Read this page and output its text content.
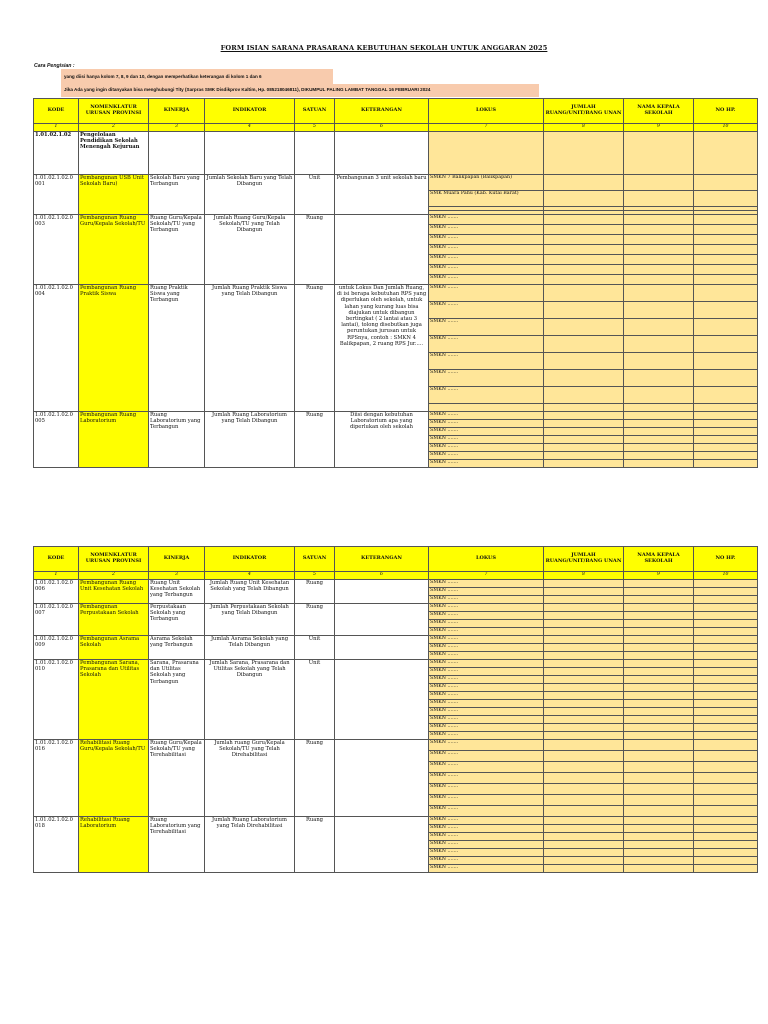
FORM ISIAN SARANA PRASARANA KEBUTUHAN SEKOLAH UNTUK ANGGARAN 2025
Cara Pengisian :
yang diisi hanya kolom 7, 8, 9 dan 10, dengan memperhatikan keterangan di kolom 1 dan 6
Jika Ada yang ingin ditanyakan bisa menghubungi Tity (Sarpras SMK Disdikprov Kaltim, Hp. 085218046811), DIKUMPUL PALING LAMBAT TANGGAL 16 FEBRUARI 2024
KODE	NOMENKLATUR URUSAN PROVINSI	KINERJA	INDIKATOR	SATUAN	KETERANGAN	LOKUS	JUMLAH RUANG/UNIT/BANG UNAN	NAMA KEPALA SEKOLAH	NO HP.
1	2	3	4	5	6	7	8	9	10
1.01.02.1.02	Pengelolaan Pendidikan Sekolah Menengah Kejuruan								
1.01.02.1.02.0 001	Pembangunan USB Unit Sekolah Baru)	Sekolah Baru yang Terbangun	Jumlah Sekolah Baru yang Telah Dibangun	Unit	Pembangunan 3 unit sekolah baru	SMKN 7 Balikpapan (Balikpapan)			
						SMK Muara Pahu (Kab. Kutai Barat)			

1.01.02.1.02.0 003	Pembangunan Ruang Guru/Kepala Sekolah/TU	Ruang Guru/Kepala Sekolah/TU yang Terbangun	Jumlah Ruang Guru/Kepala Sekolah/TU yang Telah Dibangun	Ruang		SMKN .......			
						SMKN .......			
						SMKN .......			
						SMKN .......			
						SMKN .......			
						SMKN .......			
						SMKN .......			
1.01.02.1.02.0 004	Pembangunan Ruang Praktik Siswa	Ruang Praktik Siswa yang Terbangun	Jumlah Ruang Praktik Siswa yang Telah Dibangun	Ruang	untuk Lokus Dan Jumlah Ruang, di isi berapa kebutuhan RPS yang diperlukan oleh sekolah, untuk lahan yang kurang luas bisa diajukan untuk dibangun bertingkat ( 2 lantai atau 3 lantai), tolong disebutkan juga peruntukan jurusan untuk RPSnya, contoh : SMKN 4 Balikpapan, 2 ruang RPS Jur.....	SMKN .......			
						SMKN .......			
						SMKN .......			
						SMKN .......			
						SMKN .......			
						SMKN .......			
						SMKN .......			

1.01.02.1.02.0 005	Pembangunan Ruang Laboratorium	Ruang Laboratorium yang Terbangun	Jumlah Ruang Laboratorium yang Telah Dibangun	Ruang	Diisi dengan kebutuhan Laboratorium apa yang diperlukan oleh sekolah	SMKN .......			
						SMKN .......			
						SMKN .......			
						SMKN .......			
						SMKN .......			
						SMKN .......			
						SMKN .......			
KODE	NOMENKLATUR URUSAN PROVINSI	KINERJA	INDIKATOR	SATUAN	KETERANGAN	LOKUS	JUMLAH RUANG/UNIT/BANG UNAN	NAMA KEPALA SEKOLAH	NO HP.
1	2	3	4	5	6	7	8	9	10
1.01.02.1.02.0 006	Pembangunan Ruang Unit Kesehatan Sekolah	Ruang Unit Kesehatan Sekolah yang Terbangun	Jumlah Ruang Unit Kesehatan Sekolah yang Telah Dibangun	Ruang		SMKN .......			
						SMKN .......			
						SMKN .......			
1.01.02.1.02.0 007	Pembangunan Perpustakaan Sekolah	Perpustakaan Sekolah yang Terbangun	Jumlah Perpustakaan Sekolah yang Telah Dibangun	Ruang		SMKN .......			
						SMKN .......			
						SMKN .......			
						SMKN .......			
1.01.02.1.02.0 009	Pembangunan Asrama Sekolah	Asrama Sekolah yang Terbangun	Jumlah Asrama Sekolah yang Telah Dibangun	Unit		SMKN .......			
						SMKN .......			
						SMKN .......			
1.01.02.1.02.0 010	Pembangunan Sarana, Prasarana dan Utilitas Sekolah	Sarana, Prasarana dan Utilitas Sekolah yang Terbangun	Jumlah Sarana, Prasarana dan Utilitas Sekolah yang Telah Dibangun	Unit		SMKN .......			
						SMKN .......			
						SMKN .......			
						SMKN .......			
						SMKN .......			
						SMKN .......			
						SMKN .......			
						SMKN .......			
						SMKN .......			
						SMKN .......			
1.01.02.1.02.0 016	Rehabilitasi Ruang Guru/Kepala Sekolah/TU	Ruang Guru/Kepala Sekolah/TU yang Terehabilitasi	Jumlah ruang Guru/Kepala Sekolah/TU yang Telah Direhabilitasi	Ruang		SMKN .......			
						SMKN .......			
						SMKN .......			
						SMKN .......			
						SMKN .......			
						SMKN .......			
						SMKN .......			
1.01.02.1.02.0 018	Rehabilitasi Ruang Laboratorium	Ruang Laboratorium yang Terehabilitasi	Jumlah Ruang Laboratorium yang Telah Direhabilitasi	Ruang		SMKN .......			
						SMKN .......			
						SMKN .......			
						SMKN .......			
						SMKN .......			
						SMKN .......			
						SMKN .......			
